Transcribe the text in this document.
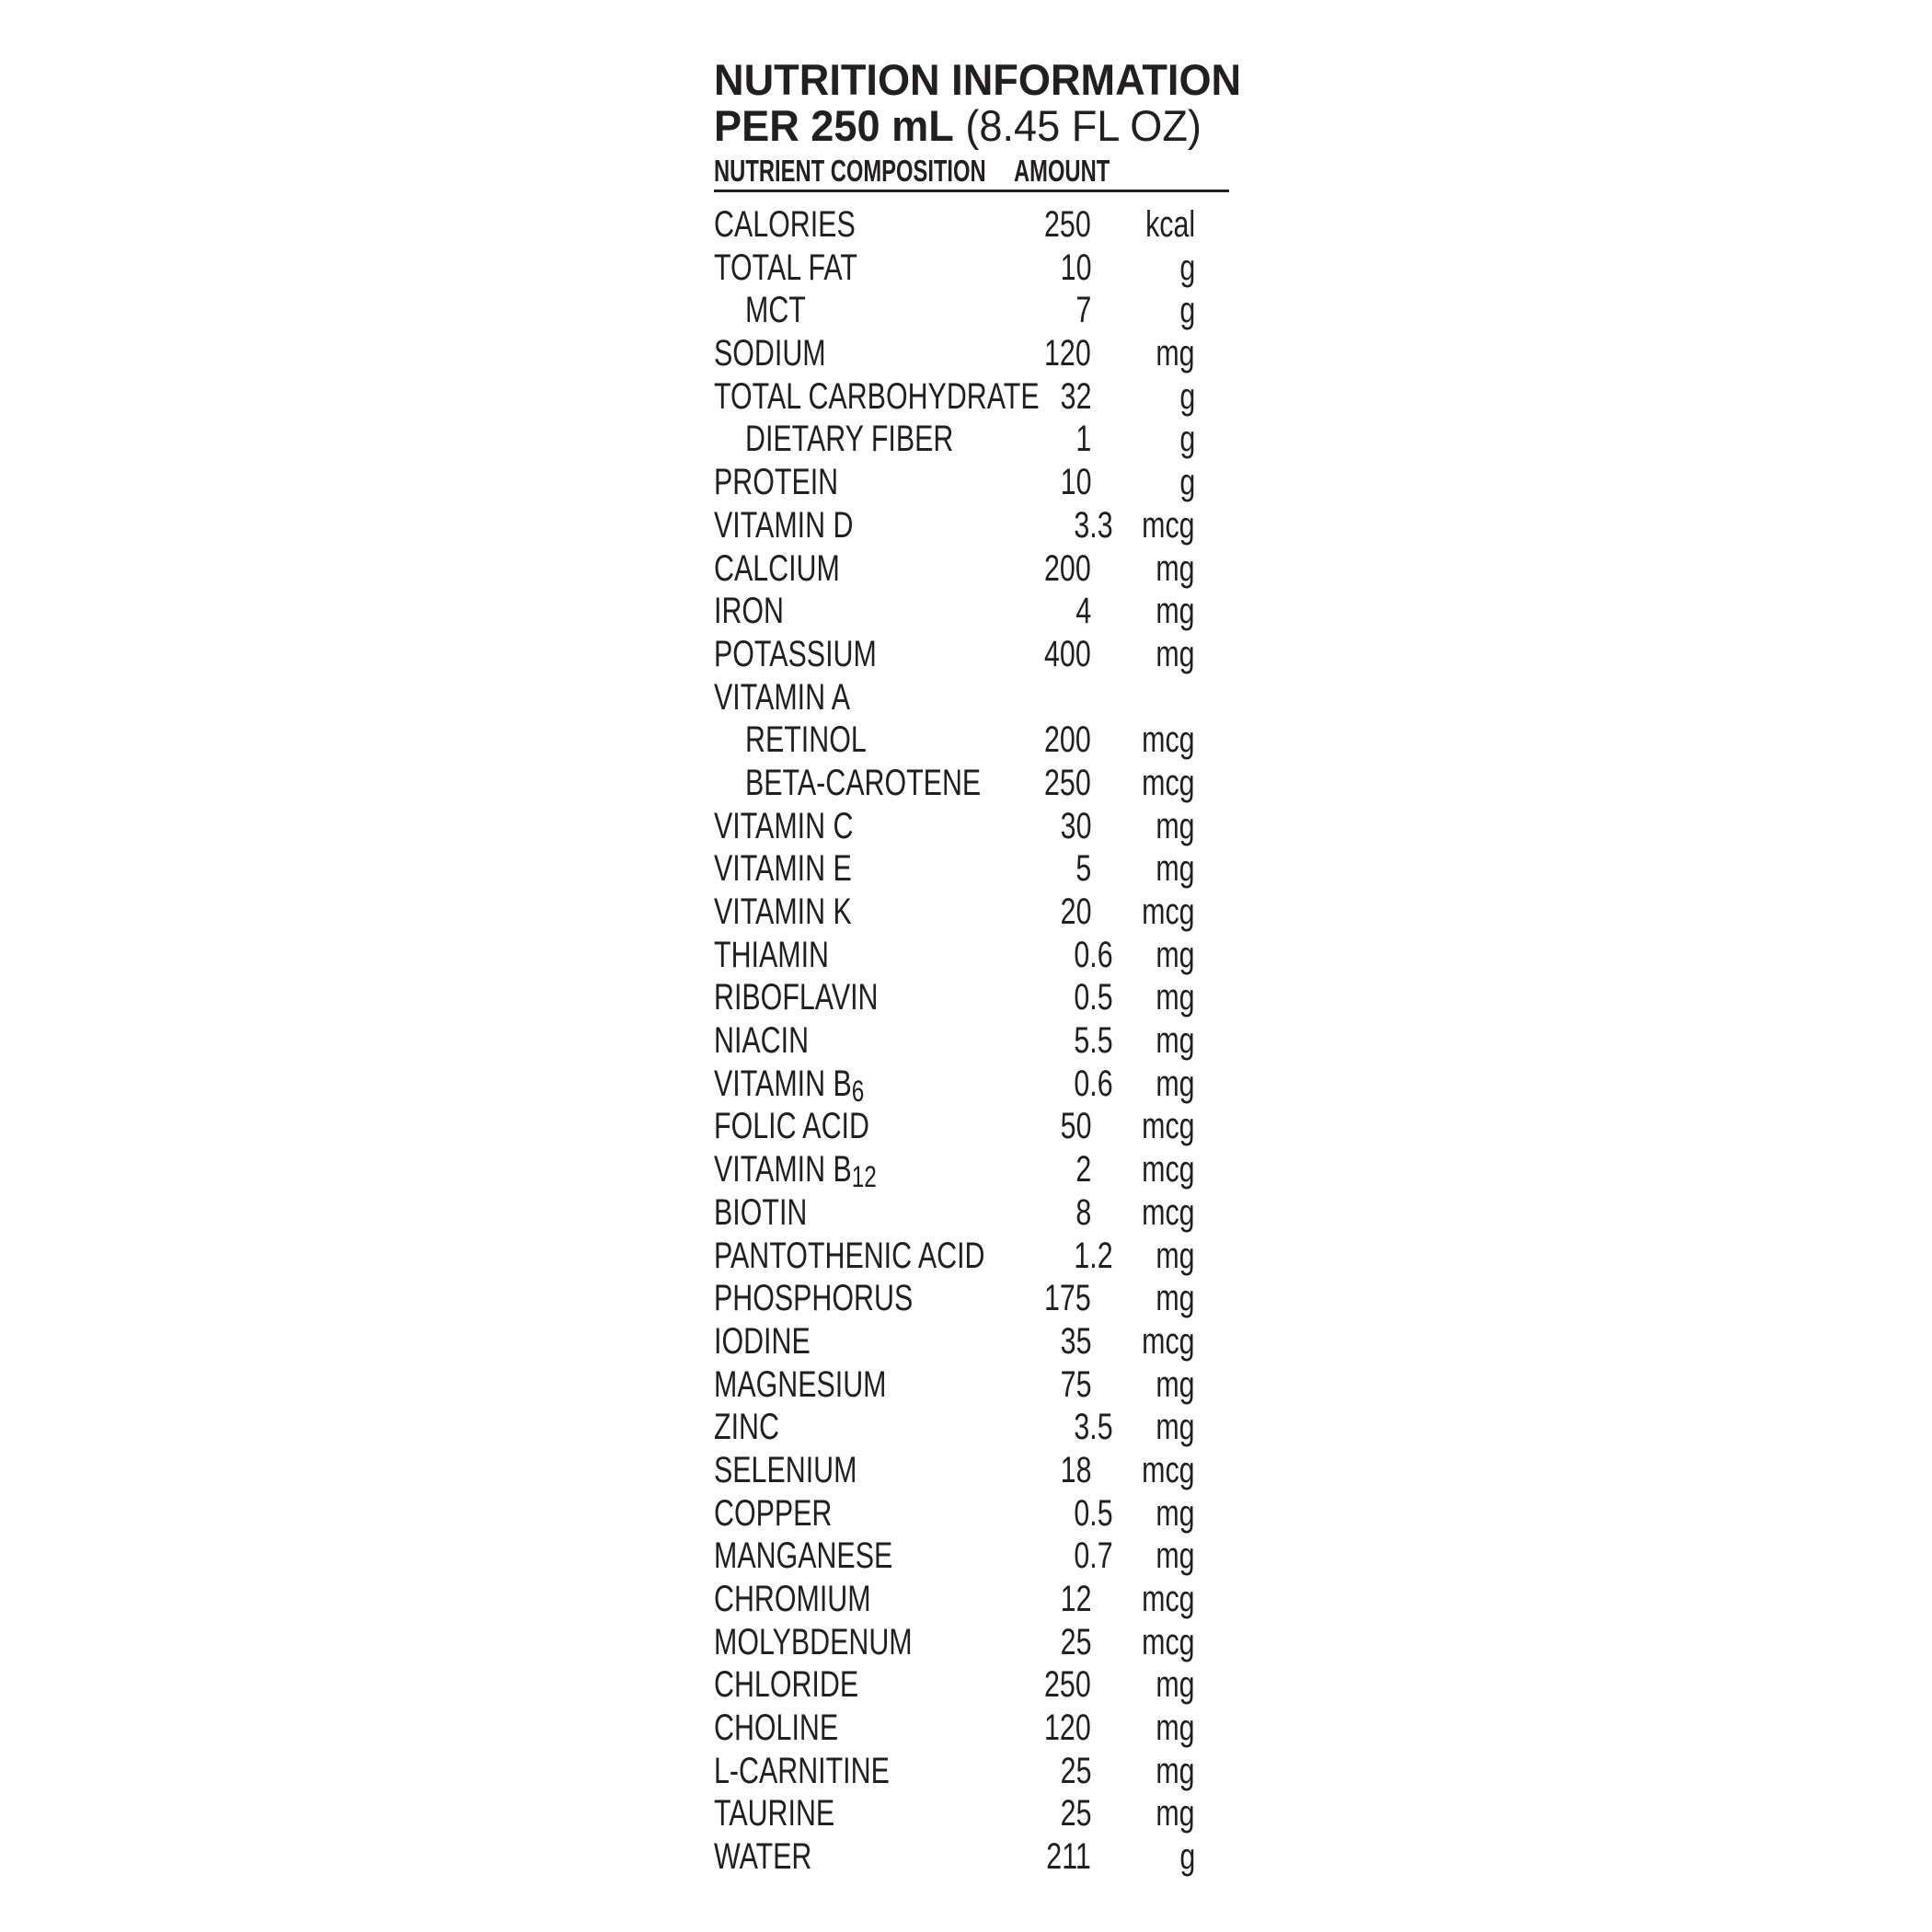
NUTRITION INFORMATION
PER 250 mL (8.45 FL OZ)
NUTRIENT COMPOSITION AMOUNT
CALORIES	250 kcal
TOTAL FAT	10 g
MCT	7 g
SODIUM	120 mg
TOTAL CARBOHYDRATE 32 g
DIETARY FIBER	1 g
PROTEIN	10 g
VITAMIN D	3.3 mcg
CALCIUM	200 mg
IRON	4 mg
POTASSIUM	400 mg
VITAMIN A
RETINOL	200 mcg
BETA-CAROTENE 250 mcg
VITAMIN C	30 mg
VITAMIN E	5 mg
VITAMIN K	20 mcg
THIAMIN	0.6 mg
RIBOFLAVIN	0.5 mg
NIACIN	5.5 mg
VITAMIN $B_6$	0.6 mg
FOLIC ACID	50 mcg
VITAMIN $B_{12}$	2 mcg
BIOTIN	8 mcg
PANTOTHENIC ACID 1.2 mg
PHOSPHORUS	175 mg
IODINE	35 mcg
MAGNESIUM	75 mg
ZINC	3.5 mg
SELENIUM	18 mcg
COPPER	0.5 mg
MANGANESE	0.7 mg
CHROMIUM	12 mcg
MOLYBDENUM	25 mcg
CHLORIDE	250 mg
CHOLINE	120 mg
L-CARNITINE	25 mg
TAURINE	25 mg
WATER	211 g
